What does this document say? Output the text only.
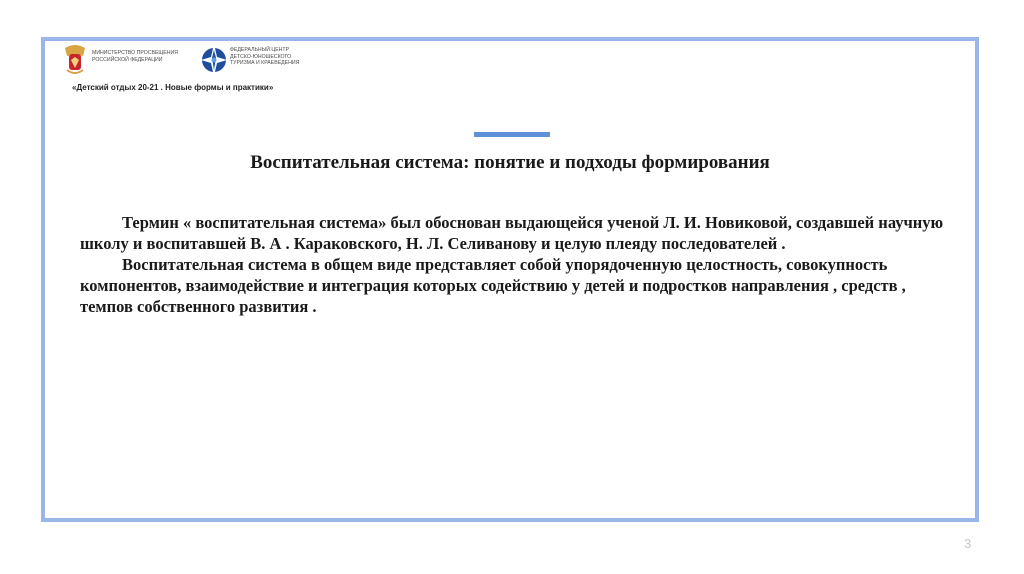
МИНИСТЕРСТВО ПРОСВЕЩЕНИЯ
РОССИЙСКОЙ ФЕДЕРАЦИИ
ФЕДЕРАЛЬНЫЙ ЦЕНТР
ДЕТСКО-ЮНОШЕСКОГО
ТУРИЗМА И КРАЕВЕДЕНИЯ
«Детский отдых 20-21 . Новые формы и практики»
Воспитательная система: понятие и подходы формирования

Термин « воспитательная система» был обоснован выдающейся ученой Л. И. Новиковой, создавшей научную школу и воспитавшей В. А . Караковского, Н. Л. Селиванову и целую плеяду последователей .

Воспитательная система в общем виде представляет собой упорядоченную целостность, совокупность компонентов, взаимодействие и интеграция которых содействию у детей и подростков направления , средств , темпов собственного развития .

3
